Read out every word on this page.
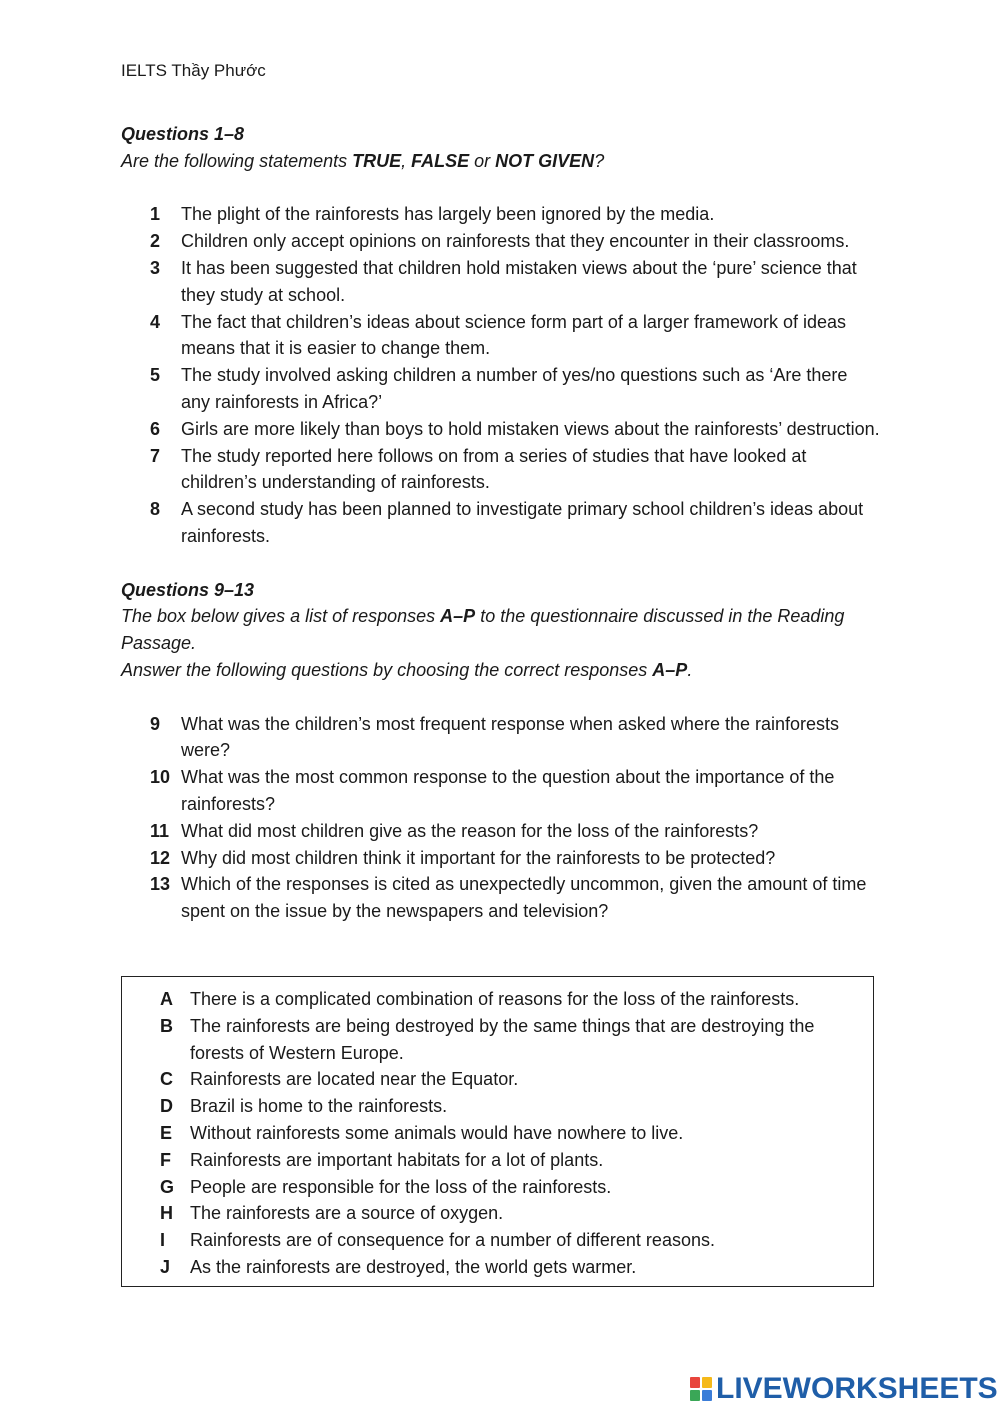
IELTS Thầy Phước
Questions 1–8
Are the following statements TRUE, FALSE or NOT GIVEN?
1	The plight of the rainforests has largely been ignored by the media.
2	Children only accept opinions on rainforests that they encounter in their classrooms.
3	It has been suggested that children hold mistaken views about the ‘pure’ science that they study at school.
4	The fact that children’s ideas about science form part of a larger framework of ideas means that it is easier to change them.
5	The study involved asking children a number of yes/no questions such as ‘Are there any rainforests in Africa?’
6	Girls are more likely than boys to hold mistaken views about the rainforests’ destruction.
7	The study reported here follows on from a series of studies that have looked at children’s understanding of rainforests.
8	A second study has been planned to investigate primary school children’s ideas about rainforests.
Questions 9–13
The box below gives a list of responses A–P to the questionnaire discussed in the Reading Passage.
Answer the following questions by choosing the correct responses A–P.
9	What was the children’s most frequent response when asked where the rainforests were?
10 What was the most common response to the question about the importance of the rainforests?
11 What did most children give as the reason for the loss of the rainforests?
12 Why did most children think it important for the rainforests to be protected?
13 Which of the responses is cited as unexpectedly uncommon, given the amount of time spent on the issue by the newspapers and television?
A There is a complicated combination of reasons for the loss of the rainforests.
B The rainforests are being destroyed by the same things that are destroying the forests of Western Europe.
C Rainforests are located near the Equator.
D Brazil is home to the rainforests.
E Without rainforests some animals would have nowhere to live.
F	Rainforests are important habitats for a lot of plants.
G People are responsible for the loss of the rainforests.
H The rainforests are a source of oxygen.
I	Rainforests are of consequence for a number of different reasons.
J	As the rainforests are destroyed, the world gets warmer.
LIVEWORKSHEETS
